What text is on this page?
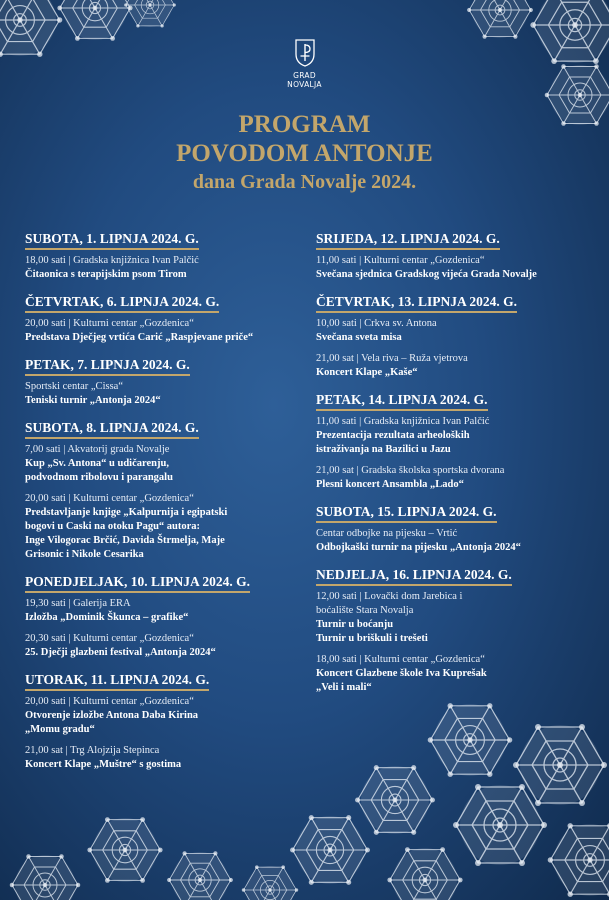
GRAD
NOVALJA
PROGRAM
POVODOM ANTONJE
dana Grada Novalje 2024.
SUBOTA, 1. LIPNJA 2024. G.
18,00 sati | Gradska knjižnica Ivan Palčić
Čitaonica s terapijskim psom Tirom
ČETVRTAK, 6. LIPNJA 2024. G.
20,00 sati | Kulturni centar „Gozdenica“
Predstava Dječjeg vrtića Carić „Raspjevane priče“
PETAK, 7. LIPNJA 2024. G.
Sportski centar „Cissa“
Teniski turnir „Antonja 2024“
SUBOTA, 8. LIPNJA 2024. G.
7,00 sati | Akvatorij grada Novalje
Kup „Sv. Antona“ u udičarenju,
podvodnom ribolovu i parangalu
20,00 sati | Kulturni centar „Gozdenica“
Predstavljanje knjige „Kalpurnija i egipatski
bogovi u Caski na otoku Pagu“ autora:
Inge Vilogorac Brčić, Davida Štrmelja, Maje
Grisonic i Nikole Cesarika
PONEDJELJAK, 10. LIPNJA 2024. G.
19,30 sati | Galerija ERA
Izložba „Dominik Škunca – grafike“
20,30 sati | Kulturni centar „Gozdenica“
25. Dječji glazbeni festival „Antonja 2024“
UTORAK, 11. LIPNJA 2024. G.
20,00 sati | Kulturni centar „Gozdenica“
Otvorenje izložbe Antona Daba Kirina
„Momu gradu“
21,00 sat | Trg Alojzija Stepinca
Koncert Klape „Muštre“ s gostima
SRIJEDA, 12. LIPNJA 2024. G.
11,00 sati | Kulturni centar „Gozdenica“
Svečana sjednica Gradskog vijeća Grada Novalje
ČETVRTAK, 13. LIPNJA 2024. G.
10,00 sati | Crkva sv. Antona
Svečana sveta misa
21,00 sat | Vela riva – Ruža vjetrova
Koncert Klape „Kaše“
PETAK, 14. LIPNJA 2024. G.
11,00 sati | Gradska knjižnica Ivan Palčić
Prezentacija rezultata arheoloških
istraživanja na Bazilici u Jazu
21,00 sat | Gradska školska sportska dvorana
Plesni koncert Ansambla „Lado“
SUBOTA, 15. LIPNJA 2024. G.
Centar odbojke na pijesku – Vrtić
Odbojkaški turnir na pijesku „Antonja 2024“
NEDJELJA, 16. LIPNJA 2024. G.
12,00 sati | Lovački dom Jarebica i
boćalište Stara Novalja
Turnir u boćanju
Turnir u briškuli i trešeti
18,00 sati | Kulturni centar „Gozdenica“
Koncert Glazbene škole Iva Kuprešak
„Veli i mali“
